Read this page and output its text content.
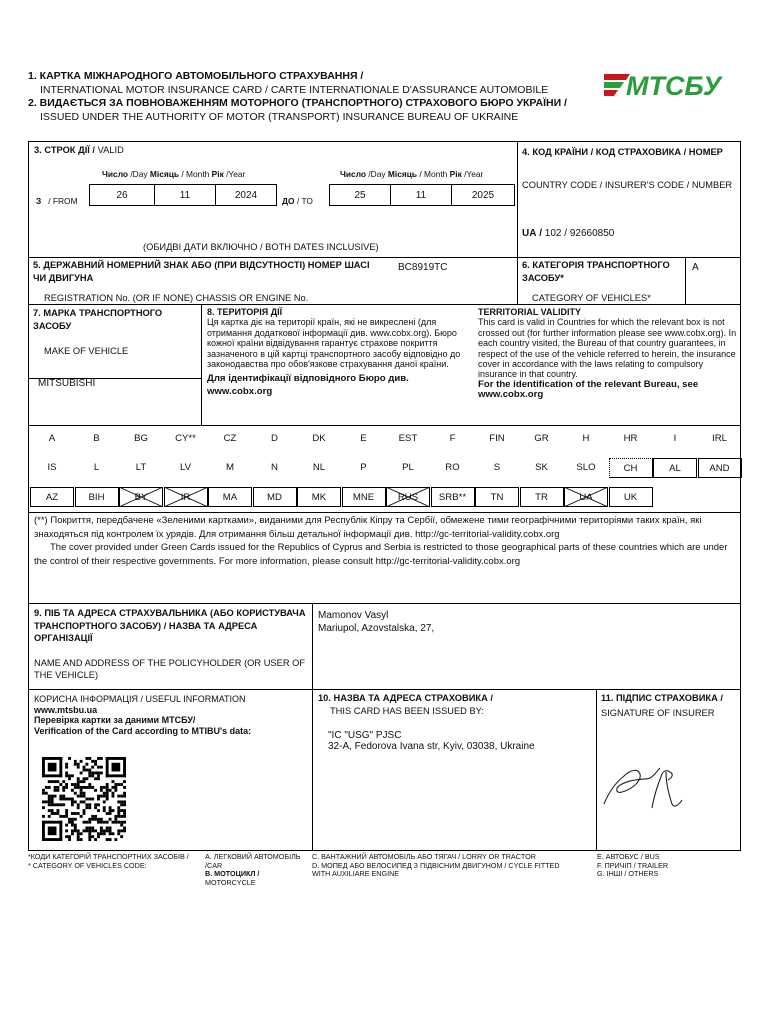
1. КАРТКА МІЖНАРОДНОГО АВТОМОБІЛЬНОГО СТРАХУВАННЯ /
INTERNATIONAL MOTOR INSURANCE CARD / CARTE INTERNATIONALE D'ASSURANCE AUTOMOBILE
2. ВИДАЄТЬСЯ ЗА ПОВНОВАЖЕННЯМ МОТОРНОГО (ТРАНСПОРТНОГО) СТРАХОВОГО БЮРО УКРАЇНИ /
ISSUED UNDER THE AUTHORITY OF MOTOR (TRANSPORT) INSURANCE BUREAU OF UKRAINE
МТСБУ
3. СТРОК ДІЇ / VALID
Число /Day Місяць / Month Рік /Year	Число /Day Місяць / Month Рік /Year
З / FROM
26	11	2024
ДО / TO
25	11	2025
(ОБИДВІ ДАТИ ВКЛЮЧНО / BOTH DATES INCLUSIVE)
4. КОД КРАЇНИ / КОД СТРАХОВИКА / НОМЕР
COUNTRY CODE / INSURER'S CODE / NUMBER
UA / 102 / 92660850
5. ДЕРЖАВНИЙ НОМЕРНИЙ ЗНАК АБО (ПРИ ВІДСУТНОСТІ) НОМЕР ШАСІ ЧИ ДВИГУНА
REGISTRATION No. (OR IF NONE) CHASSIS OR ENGINE No.
BC8919TC	6. КАТЕГОРІЯ ТРАНСПОРТНОГО ЗАСОБУ*
CATEGORY OF VEHICLES*
A
7. МАРКА ТРАНСПОРТНОГО ЗАСОБУ
MAKE OF VEHICLE
MITSUBISHI
8. ТЕРИТОРІЯ ДІЇ
Ця картка діє на території країн, які не викреслені (для отримання додаткової інформації див. www.cobx.org). Бюро кожної країни відвідування гарантує страхове покриття зазначеного в цій картці транспортного засобу відповідно до законодавства про обов'язкове страхування даної країни.
Для ідентифікації відповідного Бюро див. www.cobx.org
TERRITORIAL VALIDITY
This card is valid in Countries for which the relevant box is not crossed out (for further information please see www.cobx.org). In each country visited, the Bureau of that country guarantees, in respect of the use of the vehicle referred to herein, the insurance cover in accordance with the laws relating to compulsory insurance in that country.
For the identification of the relevant Bureau, see www.cobx.org
A	B	BG	CY**	CZ	D	DK	E	EST	F	FIN	GR	H	HR	I	IRL
IS	L	LT	LV	M	N	NL	P	PL	RO	S	SK	SLO	CH	AL	AND
AZ	BIH	BY	IR	MA	MD	MK	MNE	RUS	SRB**	TN	TR	UA	UK
(**) Покриття, передбачене «Зеленими картками», виданими для Республік Кіпру та Сербії, обмежене тими географічними територіями таких країн, які знаходяться під контролем їх урядів. Для отримання більш детальної інформації див. http://gc-territorial-validity.cobx.org
The cover provided under Green Cards issued for the Republics of Cyprus and Serbia is restricted to those geographical parts of these countries which are under the control of their respective governments. For more information, please consult http://gc-territorial-validity.cobx.org
9. ПІБ ТА АДРЕСА СТРАХУВАЛЬНИКА (АБО КОРИСТУВАЧА ТРАНСПОРТНОГО ЗАСОБУ) / НАЗВА ТА АДРЕСА ОРГАНІЗАЦІЇ
NAME AND ADDRESS OF THE POLICYHOLDER (OR USER OF THE VEHICLE)
Mamonov Vasyl
Mariupol, Azovstalska, 27,
КОРИСНА ІНФОРМАЦІЯ / USEFUL INFORMATION
www.mtsbu.ua
Перевірка картки за даними МТСБУ/
Verification of the Card according to MTIBU's data:
10. НАЗВА ТА АДРЕСА СТРАХОВИКА /
THIS CARD HAS BEEN ISSUED BY:
"IC "USG" PJSC
32-A, Fedorova Ivana str, Kyiv, 03038, Ukraine
11. ПІДПИС СТРАХОВИКА /
SIGNATURE OF INSURER
*КОДИ КАТЕГОРІЙ ТРАНСПОРТНИХ ЗАСОБІВ /
* CATEGORY OF VEHICLES CODE:
А. ЛЕГКОВИЙ АВТОМОБІЛЬ
/CAR
B. МОТОЦИКЛ /
MOTORCYCLE
С. ВАНТАЖНИЙ АВТОМОБІЛЬ АБО ТЯГАЧ / LORRY OR TRACTOR
D. МОПЕД АБО ВЕЛОСИПЕД З ПІДВІСНИМ ДВИГУНОМ / CYCLE FITTED
WITH AUXILIARE ENGINE
E. АВТОБУС / BUS
F. ПРИЧІП / TRAILER
G. ІНШІ / OTHERS
